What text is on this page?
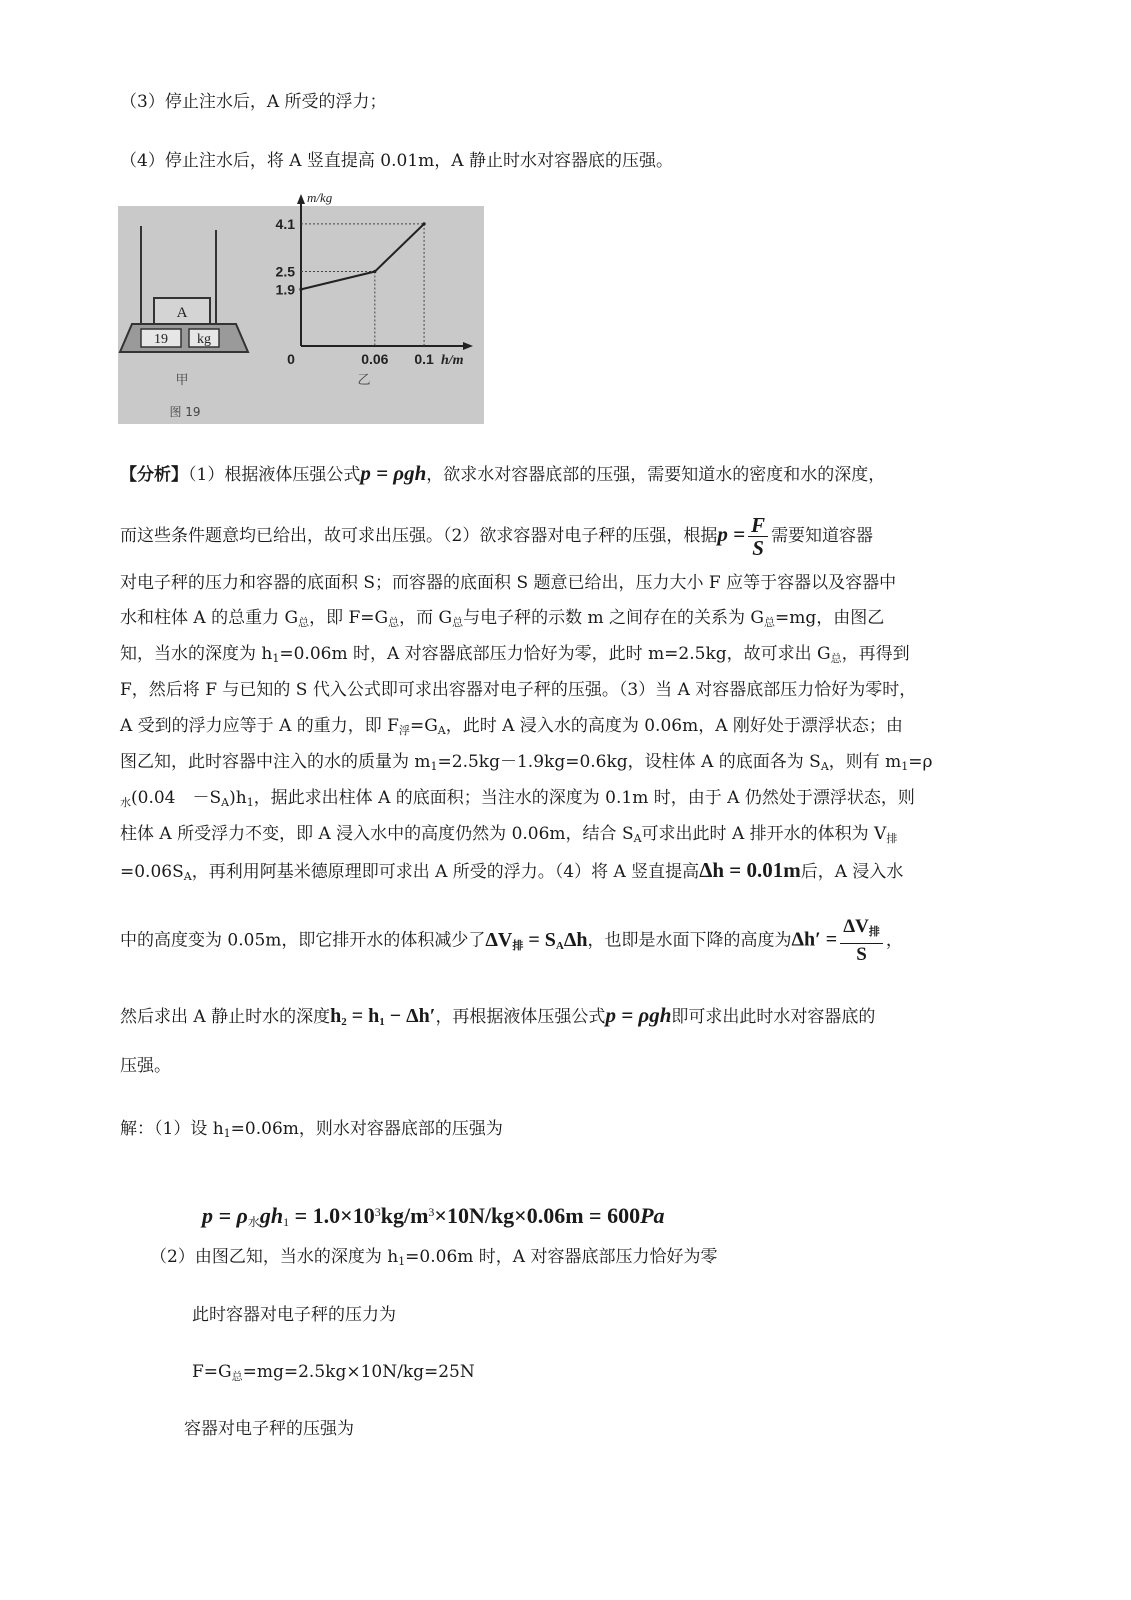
（3）停止注水后，A 所受的浮力；
（4）停止注水后，将 A 竖直提高 0.01m，A 静止时水对容器底的压强。
A
19 kg
甲
图 19
0	0.06 0.1
1.9
2.5
4.1
m/kg
h/m
乙
【分析】（1）根据液体压强公式p = ρgh，欲求水对容器底部的压强，需要知道水的密度和水的深度，
而这些条件题意均已给出，故可求出压强。（2）欲求容器对电子秤的压强，根据$p = \frac{F}{S}$ 需要知道容器
对电子秤的压力和容器的底面积 S；而容器的底面积 S 题意已给出，压力大小 F 应等于容器以及容器中
水和柱体 A 的总重力 $G_总$，即 $F=G_总$，而 $G_总$与电子秤的示数 m 之间存在的关系为 $G_总=mg$，由图乙
知，当水的深度为 $h_1=0.06m$ 时，A 对容器底部压力恰好为零，此时 m=2.5kg，故可求出 $G_总$，再得到
F，然后将 F 与已知的 S 代入公式即可求出容器对电子秤的压强。（3）当 A 对容器底部压力恰好为零时，
A 受到的浮力应等于 A 的重力，即 $F_浮=G_A$，此时 A 浸入水的高度为 0.06m，A 刚好处于漂浮状态；由
图乙知，此时容器中注入的水的质量为 $m_1=2.5kg-1.9kg=0.6kg$，设柱体 A 的底面各为 $S_A$，则有 $m_1=\rho$
$_水$(0.04　$-S_A)h_1$，据此求出柱体 A 的底面积；当注水的深度为 0.1m 时，由于 A 仍然处于漂浮状态，则
柱体 A 所受浮力不变，即 A 浸入水中的高度仍然为 0.06m，结合 $S_A$可求出此时 A 排开水的体积为 $V_排$
$=0.06S_A$，再利用阿基米德原理即可求出 A 所受的浮力。（4）将 A 竖直提高Δh = 0.01m后，A 浸入水
中的高度变为 0.05m，即它排开水的体积减少了$\Delta V_排 = S_A\Delta h$，也即是水面下降的高度为$\Delta h' = \frac{\Delta V_排}{S}$ ，
然后求出 A 静止时水的深度$h_2 = h_1 - \Delta h'$，再根据液体压强公式p = ρgh即可求出此时水对容器底的
压强。
解：（1）设 $h_1=0.06m$，则水对容器底部的压强为
$p = \rho_水gh_1 = 1.0\times 10^3kg/m^3\times 10N/kg\times 0.06m = 600Pa$
（2）由图乙知，当水的深度为 $h_1=0.06m$ 时，A 对容器底部压力恰好为零
此时容器对电子秤的压力为
$F=G_总=mg=2.5kg\times 10N/kg=25N$
容器对电子秤的压强为
